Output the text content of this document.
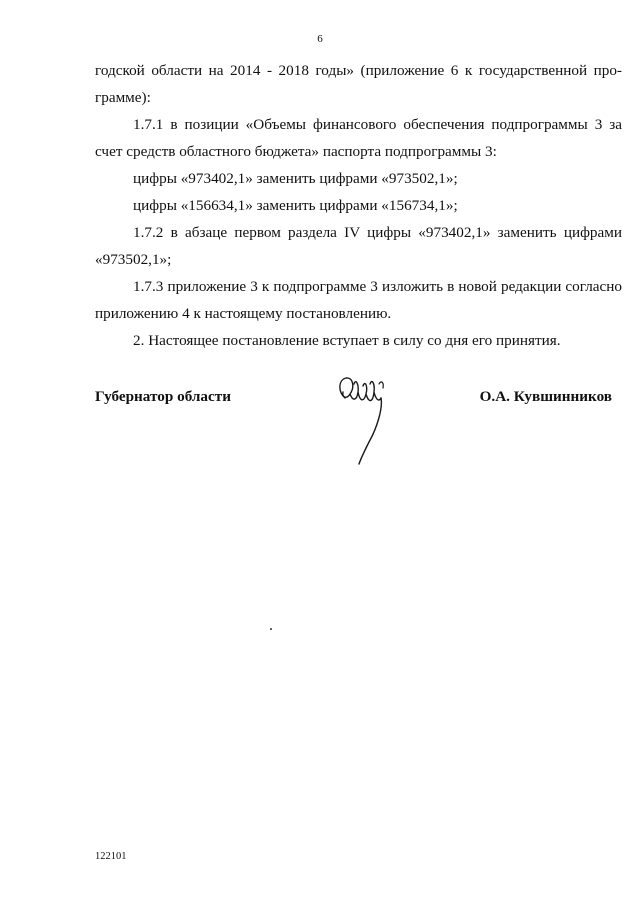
6

годской области на 2014 - 2018 годы» (приложение 6 к государственной про-

грамме):

1.7.1 в позиции «Объемы финансового обеспечения подпрограммы 3 за

счет средств областного бюджета» паспорта подпрограммы 3:

цифры «973402,1» заменить цифрами «973502,1»;

цифры «156634,1» заменить цифрами «156734,1»;

1.7.2 в абзаце первом раздела IV цифры «973402,1» заменить цифрами

«973502,1»;

1.7.3 приложение 3 к подпрограмме 3 изложить в новой редакции согласно

приложению 4 к настоящему постановлению.

2. Настоящее постановление вступает в силу со дня его принятия.

Губернатор области	О.А. Кувшинников
122101
